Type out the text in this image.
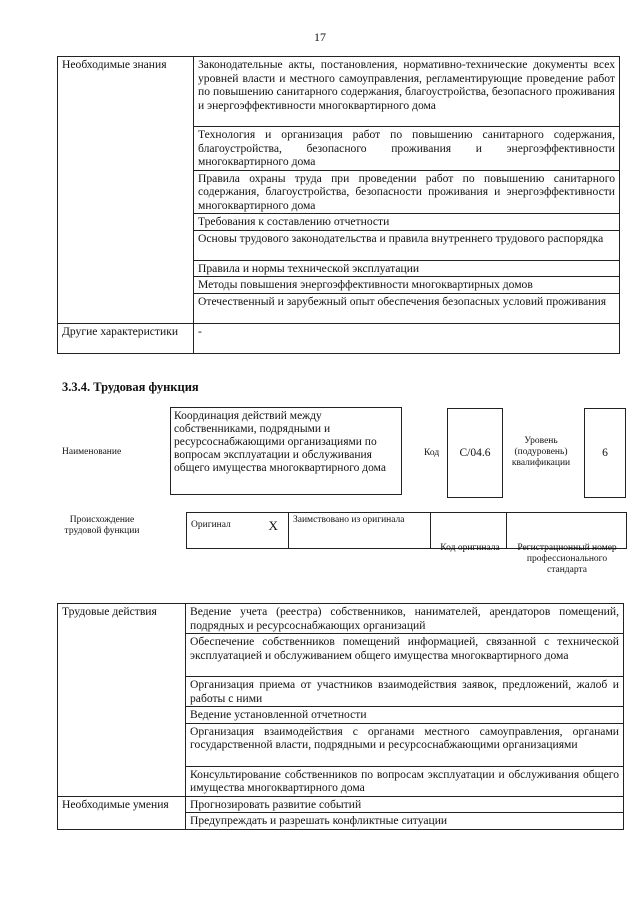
17
Необходимые знания	Законодательные акты, постановления, нормативно-технические документы всех уровней власти и местного самоуправления, регламентирующие проведение работ по повышению санитарного содержания, благоустройства, безопасного проживания и энергоэффективности многоквартирного дома
	Технология и организация работ по повышению санитарного содержания, благоустройства, безопасного проживания и энергоэффективности многоквартирного дома
	Правила охраны труда при проведении работ по повышению санитарного содержания, благоустройства, безопасности проживания и энергоэффективности многоквартирного дома
	Требования к составлению отчетности
	Основы трудового законодательства и правила внутреннего трудового распорядка
	Правила и нормы технической эксплуатации
	Методы повышения энергоэффективности многоквартирных домов
	Отечественный и зарубежный опыт обеспечения безопасных условий проживания
Другие характеристики	-
3.3.4. Трудовая функция
Наименование
Координация действий между собственниками, подрядными и ресурсоснабжающими организациями по вопросам эксплуатации и обслуживания общего имущества многоквартирного дома
Код	C/04.6
Уровень (подуровень) квалификации
6
Происхождение трудовой функции
Оригинал	X	Заимствовано из оригинала		
Код оригинала	Регистрационный номер профессионального стандарта
Трудовые действия	Ведение учета (реестра) собственников, нанимателей, арендаторов помещений, подрядных и ресурсоснабжающих организаций
	Обеспечение собственников помещений информацией, связанной с технической эксплуатацией и обслуживанием общего имущества многоквартирного дома
	Организация приема от участников взаимодействия заявок, предложений, жалоб и работы с ними
	Ведение установленной отчетности
	Организация взаимодействия с органами местного самоуправления, органами государственной власти, подрядными и ресурсоснабжающими организациями
	Консультирование собственников по вопросам эксплуатации и обслуживания общего имущества многоквартирного дома
Необходимые умения	Прогнозировать развитие событий
	Предупреждать и разрешать конфликтные ситуации
